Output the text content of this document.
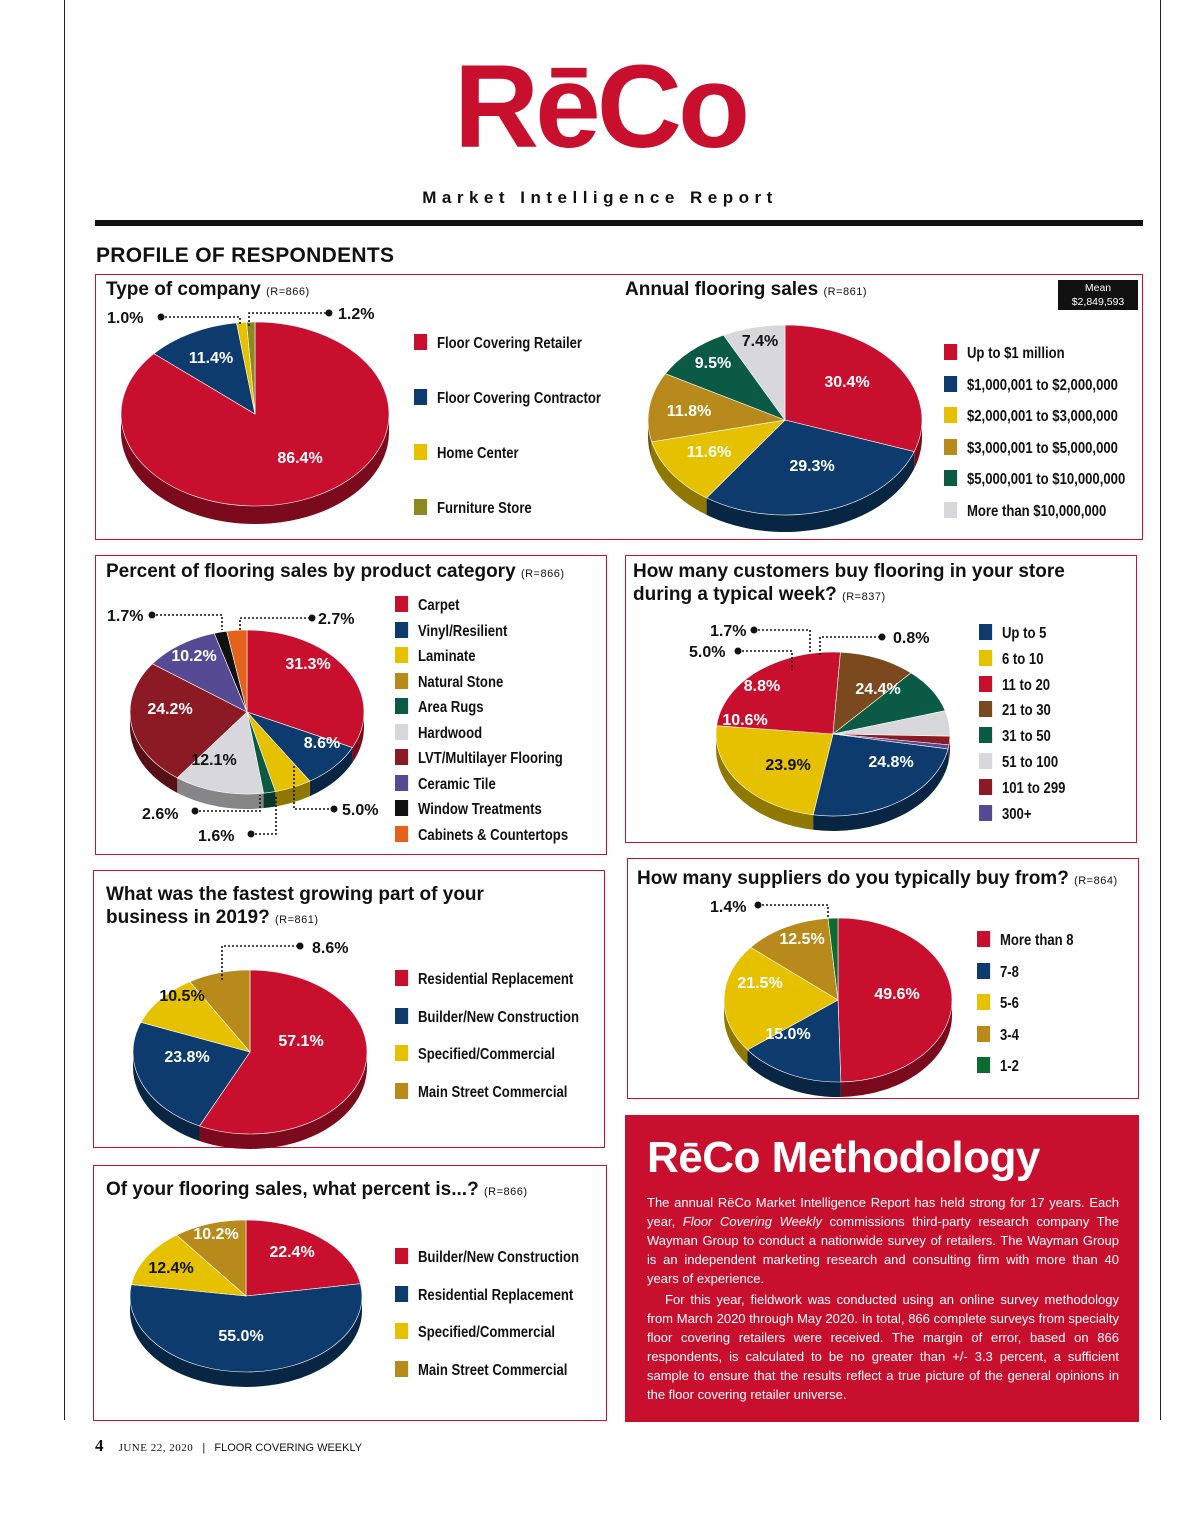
RēCo
Market Intelligence Report
PROFILE OF RESPONDENTS
Type of company (R=866)	Annual flooring sales (R=861)	Mean
$2,849,593
Floor Covering Retailer
Floor Covering Contractor
Home Center
Furniture Store
Up to $1 million
$1,000,001 to $2,000,000
$2,000,001 to $3,000,000
$3,000,001 to $5,000,000
$5,000,001 to $10,000,000
More than $10,000,000
Percent of flooring sales by product category (R=866)
Carpet
Vinyl/Resilient
Laminate
Natural Stone
Area Rugs
Hardwood
LVT/Multilayer Flooring
Ceramic Tile
Window Treatments
Cabinets & Countertops
How many customers buy flooring in your store
during a typical week? (R=837)
Up to 5
6 to 10
11 to 20
21 to 30
31 to 50
51 to 100
101 to 299
300+
What was the fastest growing part of your
business in 2019? (R=861)
Residential Replacement
Builder/New Construction
Specified/Commercial
Main Street Commercial
How many suppliers do you typically buy from? (R=864)
More than 8
7-8
5-6
3-4
1-2
Of your flooring sales, what percent is...? (R=866)
Builder/New Construction
Residential Replacement
Specified/Commercial
Main Street Commercial
RēCo Methodology

The annual RēCo Market Intelligence Report has held strong for 17 years. Each year, Floor Covering Weekly commissions third-party research company The Wayman Group to conduct a nationwide survey of retailers. The Wayman Group is an independent marketing research and consulting firm with more than 40 years of experience.

For this year, fieldwork was conducted using an online survey methodology from March 2020 through May 2020. In total, 866 complete surveys from specialty floor covering retailers were received. The margin of error, based on 866 respondents, is calculated to be no greater than +/- 3.3 percent, a sufficient sample to ensure that the results reflect a true picture of the general opinions in the floor covering retailer universe.

4 JUNE 22, 2020 | FLOOR COVERING WEEKLY
86.4%
11.4%
30.4%
29.3%
11.6%
11.8%
9.5%
7.4%
31.3%
8.6%
12.1%
24.2%
10.2%
24.8%
23.9%
24.4%
10.6%
8.8%
57.1%
23.8%
10.5%	49.6%
15.0%
21.5%
12.5%
22.4%
55.0%
12.4%
10.2%
1.0%	1.2%
1.7%	2.7%
2.6%
1.6%
5.0%
1.7%
5.0%
0.8%
8.6%
1.4%
